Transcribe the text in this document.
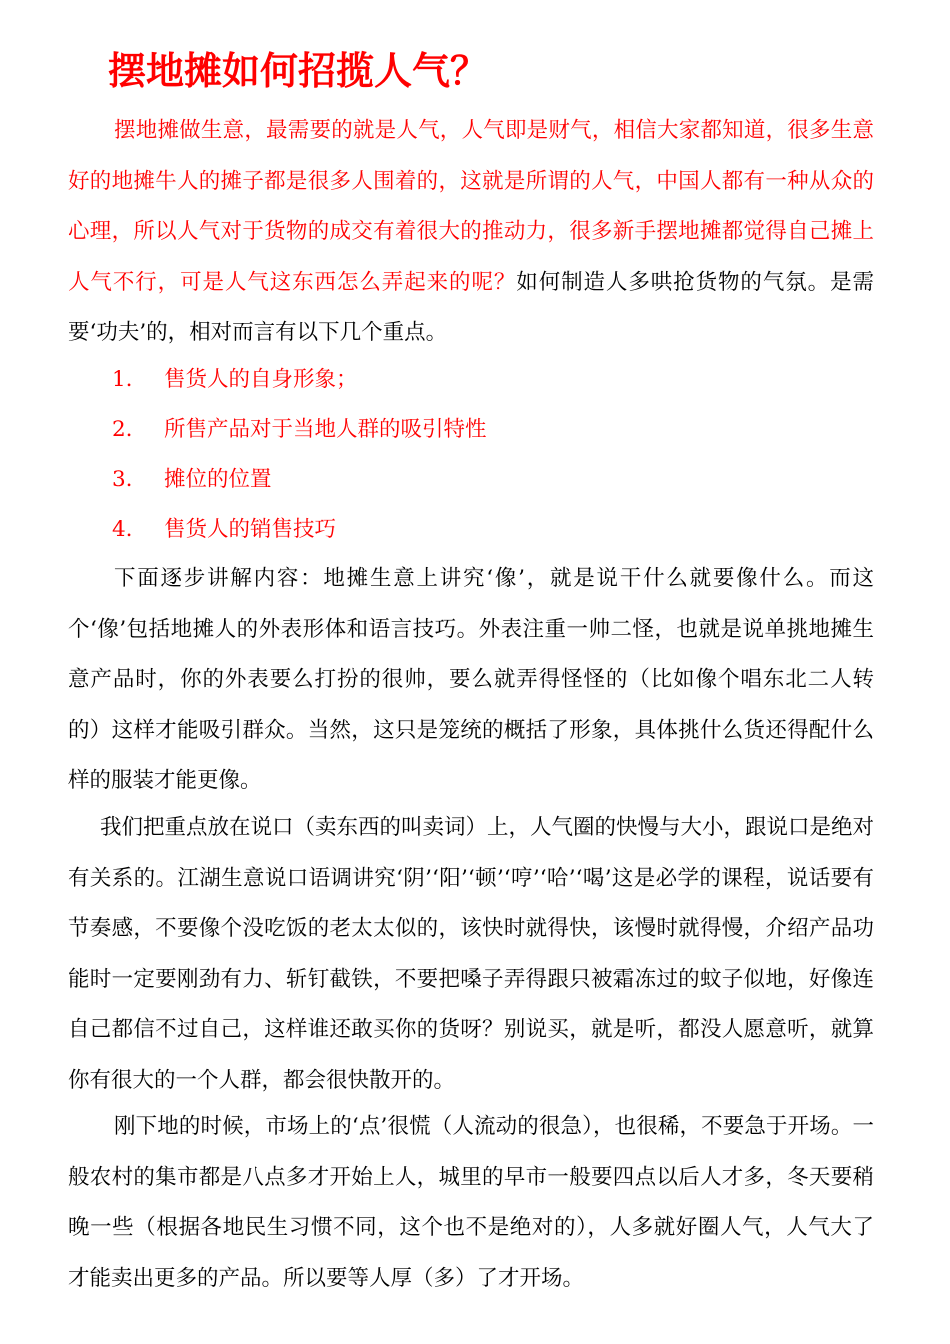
摆地摊如何招揽人气？

摆地摊做生意，最需要的就是人气，人气即是财气，相信大家都知道，很多生意好的地摊牛人的摊子都是很多人围着的，这就是所谓的人气，中国人都有一种从众的心理，所以人气对于货物的成交有着很大的推动力，很多新手摆地摊都觉得自己摊上人气不行，可是人气这东西怎么弄起来的呢？如何制造人多哄抢货物的气氛。是需要‘功夫’的，相对而言有以下几个重点。

1. 售货人的自身形象；
2. 所售产品对于当地人群的吸引特性
3. 摊位的位置
4. 售货人的销售技巧

下面逐步讲解内容：地摊生意上讲究‘像’，就是说干什么就要像什么。而这个‘像’包括地摊人的外表形体和语言技巧。外表注重一帅二怪，也就是说单挑地摊生意产品时，你的外表要么打扮的很帅，要么就弄得怪怪的（比如像个唱东北二人转的）这样才能吸引群众。当然，这只是笼统的概括了形象，具体挑什么货还得配什么样的服装才能更像。

我们把重点放在说口（卖东西的叫卖词）上，人气圈的快慢与大小，跟说口是绝对有关系的。江湖生意说口语调讲究‘阴’‘阳’‘顿’‘哼’‘哈’‘喝’这是必学的课程，说话要有节奏感，不要像个没吃饭的老太太似的，该快时就得快，该慢时就得慢，介绍产品功能时一定要刚劲有力、斩钉截铁，不要把嗓子弄得跟只被霜冻过的蚊子似地，好像连自己都信不过自己，这样谁还敢买你的货呀？别说买，就是听，都没人愿意听，就算你有很大的一个人群，都会很快散开的。

刚下地的时候，市场上的‘点’很慌（人流动的很急），也很稀，不要急于开场。一般农村的集市都是八点多才开始上人，城里的早市一般要四点以后人才多，冬天要稍晚一些（根据各地民生习惯不同，这个也不是绝对的），人多就好圈人气，人气大了才能卖出更多的产品。所以要等人厚（多）了才开场。
